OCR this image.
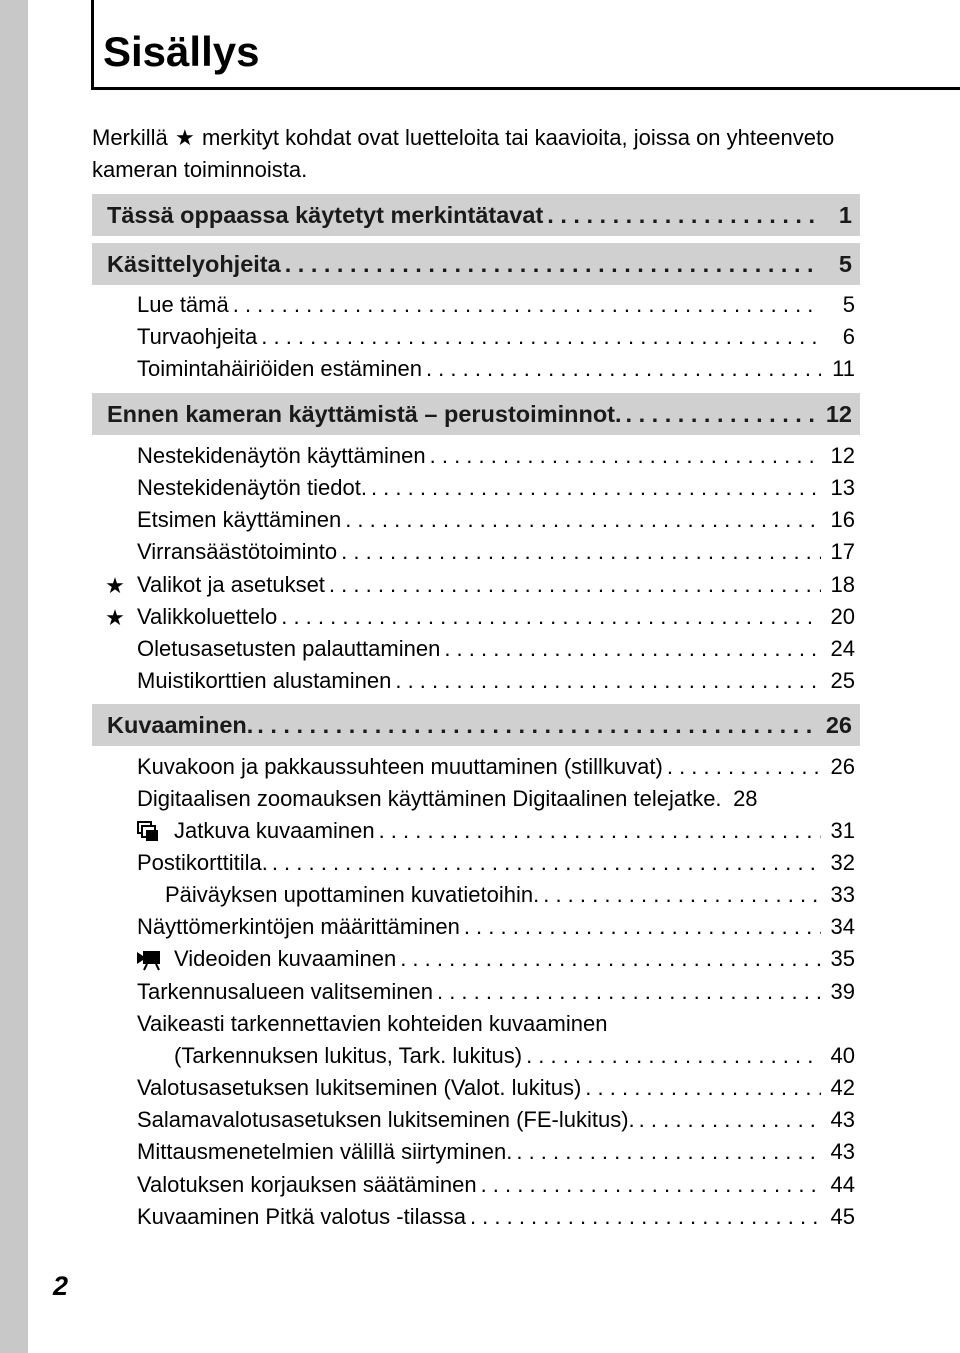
2
Sisällys
Merkillä ★ merkityt kohdat ovat luetteloita tai kaavioita, joissa on yhteenveto kameran toiminnoista.
Tässä oppaassa käytetyt merkintätavat . . .	1
Käsittelyohjeita . . .	5
Lue tämä . . .	5
Turvaohjeita . . .	6
Toimintahäiriöiden estäminen . . .	11
Ennen kameran käyttämistä – perustoiminnot. . . .	12
Nestekidenäytön käyttäminen . . .	12
Nestekidenäytön tiedot. . . .	13
Etsimen käyttäminen . . .	16
Virransäästötoiminto . . .	17
★ Valikot ja asetukset . . .	18
★ Valikkoluettelo . . .	20
Oletusasetusten palauttaminen . . .	24
Muistikorttien alustaminen . . .	25
Kuvaaminen. . . .	26
Kuvakoon ja pakkaussuhteen muuttaminen (stillkuvat) . . .	26
Digitaalisen zoomauksen käyttäminen Digitaalinen telejatke. 28
Jatkuva kuvaaminen . . .	31
Postikorttitila. . . .	32
Päiväyksen upottaminen kuvatietoihin. . . .	33
Näyttömerkintöjen määrittäminen . . .	34
Videoiden kuvaaminen . . .	35
Tarkennusalueen valitseminen . . .	39
Vaikeasti tarkennettavien kohteiden kuvaaminen
(Tarkennuksen lukitus, Tark. lukitus) . . .	40
Valotusasetuksen lukitseminen (Valot. lukitus) . . .	42
Salamavalotusasetuksen lukitseminen (FE-lukitus). . . .	43
Mittausmenetelmien välillä siirtyminen. . . .	43
Valotuksen korjauksen säätäminen . . .	44
Kuvaaminen Pitkä valotus -tilassa . . .	45
